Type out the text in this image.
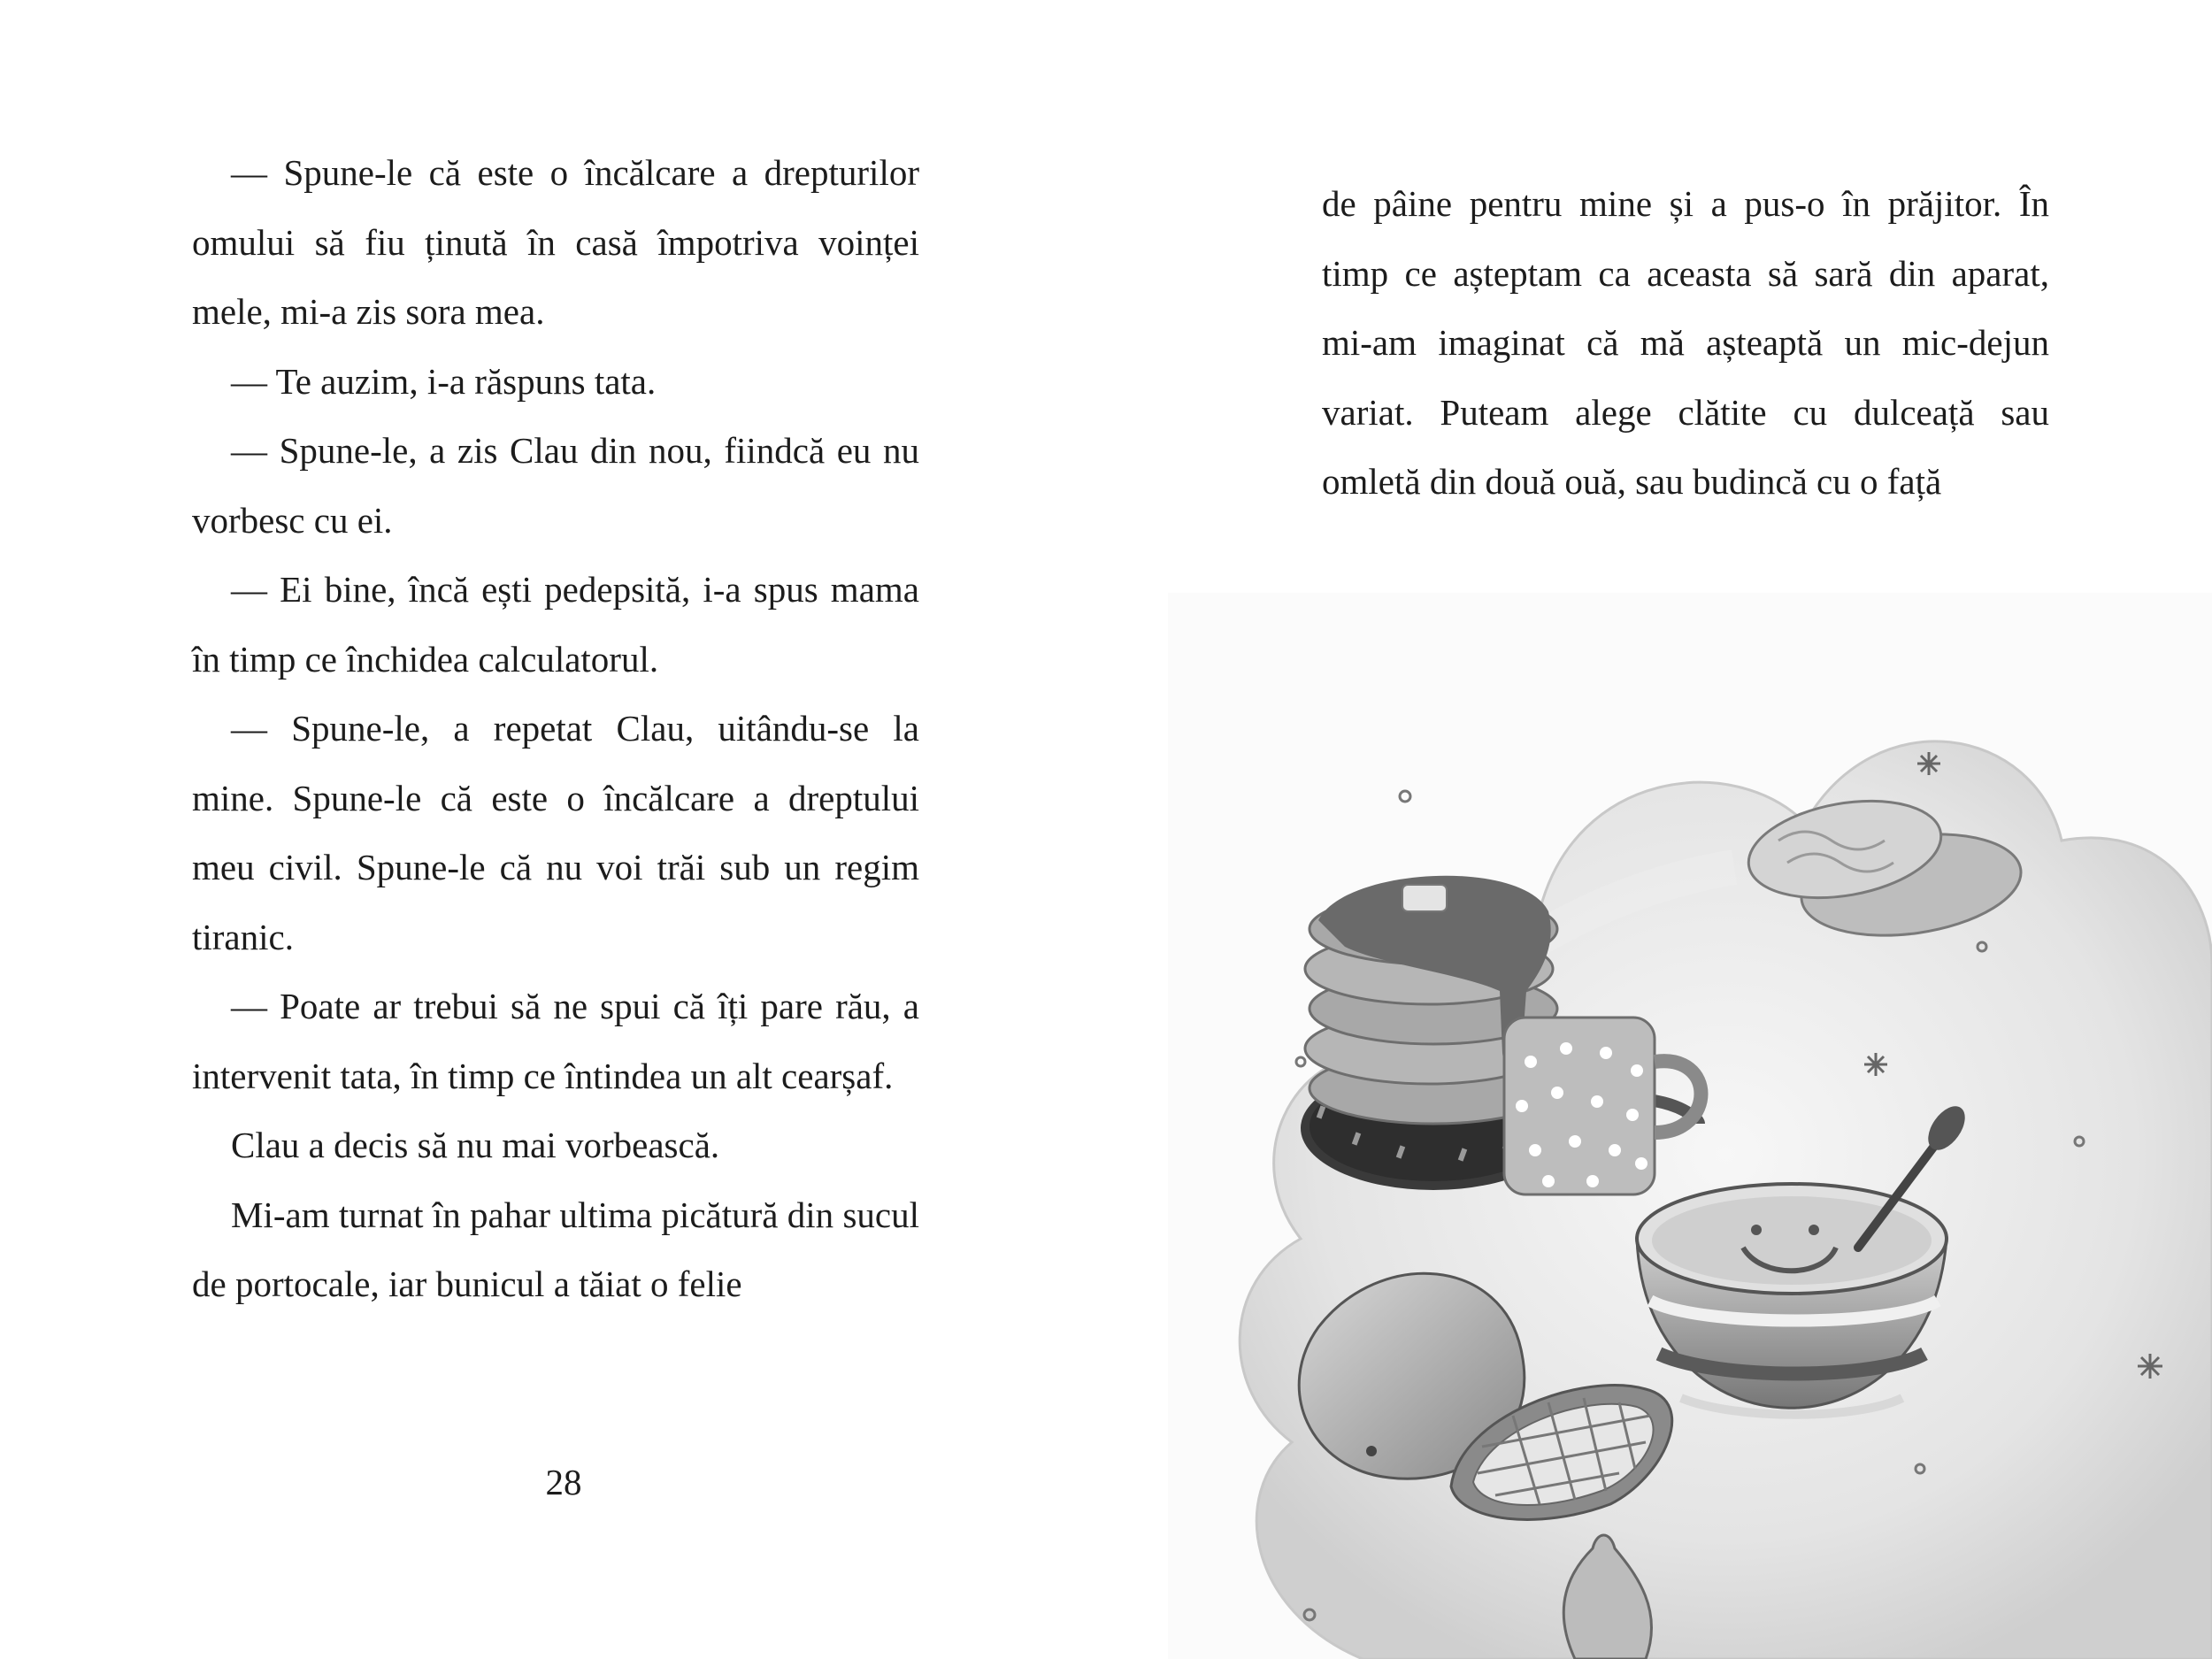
— Spune-le că este o încălcare a drepturilor omului să fiu ținută în casă împotriva voinței mele, mi-a zis sora mea.

— Te auzim, i-a răspuns tata.

— Spune-le, a zis Clau din nou, fiindcă eu nu vorbesc cu ei.

— Ei bine, încă ești pedepsită, i-a spus mama în timp ce închidea calculatorul.

— Spune-le, a repetat Clau, uitându-se la mine. Spune-le că este o încălcare a dreptului meu civil. Spune-le că nu voi trăi sub un regim tiranic.

— Poate ar trebui să ne spui că îți pare rău, a intervenit tata, în timp ce întindea un alt cearșaf.

Clau a decis să nu mai vorbească.

Mi-am turnat în pahar ultima picătură din sucul de portocale, iar bunicul a tăiat o felie

28

de pâine pentru mine și a pus-o în prăjitor. În timp ce așteptam ca aceasta să sară din aparat, mi-am imaginat că mă așteaptă un mic-dejun variat. Puteam alege clătite cu dulceață sau omletă din două ouă, sau budincă cu o față
